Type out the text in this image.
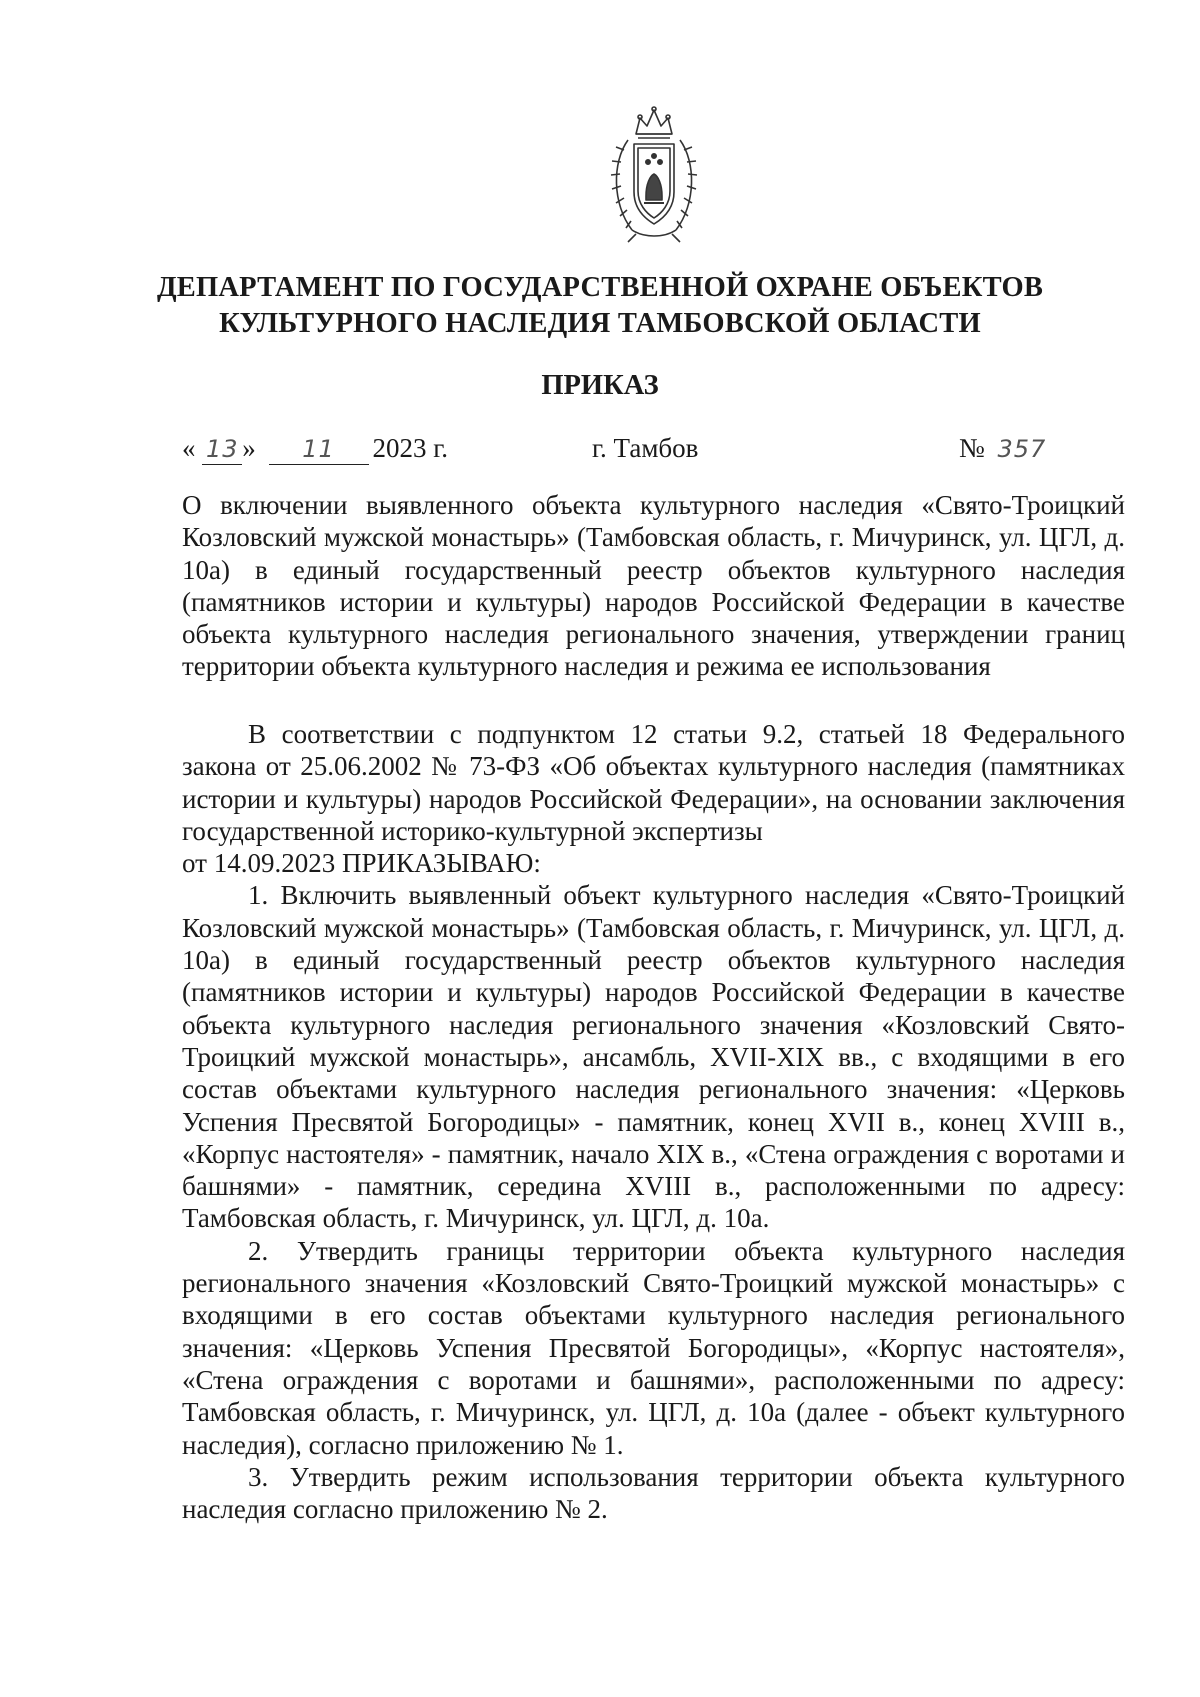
ДЕПАРТАМЕНТ ПО ГОСУДАРСТВЕННОЙ ОХРАНЕ ОБЪЕКТОВ
КУЛЬТУРНОГО НАСЛЕДИЯ ТАМБОВСКОЙ ОБЛАСТИ
ПРИКАЗ
« 13 » 11 2023 г.	г. Тамбов	№ 357
О включении выявленного объекта культурного наследия «Свято-Троицкий Козловский мужской монастырь» (Тамбовская область, г. Мичуринск, ул. ЦГЛ, д. 10а) в единый государственный реестр объектов культурного наследия (памятников истории и культуры) народов Российской Федерации в качестве объекта культурного наследия регионального значения, утверждении границ территории объекта культурного наследия и режима ее использования

В соответствии с подпунктом 12 статьи 9.2, статьей 18 Федерального закона от 25.06.2002 № 73-ФЗ «Об объектах культурного наследия (памятниках истории и культуры) народов Российской Федерации», на основании заключения государственной историко-культурной экспертизы

от 14.09.2023 ПРИКАЗЫВАЮ:

1. Включить выявленный объект культурного наследия «Свято-Троицкий Козловский мужской монастырь» (Тамбовская область, г. Мичуринск, ул. ЦГЛ, д. 10а) в единый государственный реестр объектов культурного наследия (памятников истории и культуры) народов Российской Федерации в качестве объекта культурного наследия регионального значения «Козловский Свято-Троицкий мужской монастырь», ансамбль, XVII-XIX вв., с входящими в его состав объектами культурного наследия регионального значения: «Церковь Успения Пресвятой Богородицы» - памятник, конец XVII в., конец XVIII в., «Корпус настоятеля» - памятник, начало XIX в., «Стена ограждения с воротами и башнями» - памятник, середина XVIII в., расположенными по адресу: Тамбовская область, г. Мичуринск, ул. ЦГЛ, д. 10а.

2. Утвердить границы территории объекта культурного наследия регионального значения «Козловский Свято-Троицкий мужской монастырь» с входящими в его состав объектами культурного наследия регионального значения: «Церковь Успения Пресвятой Богородицы», «Корпус настоятеля», «Стена ограждения с воротами и башнями», расположенными по адресу: Тамбовская область, г. Мичуринск, ул. ЦГЛ, д. 10а (далее - объект культурного наследия), согласно приложению № 1.

3. Утвердить режим использования территории объекта культурного наследия согласно приложению № 2.
